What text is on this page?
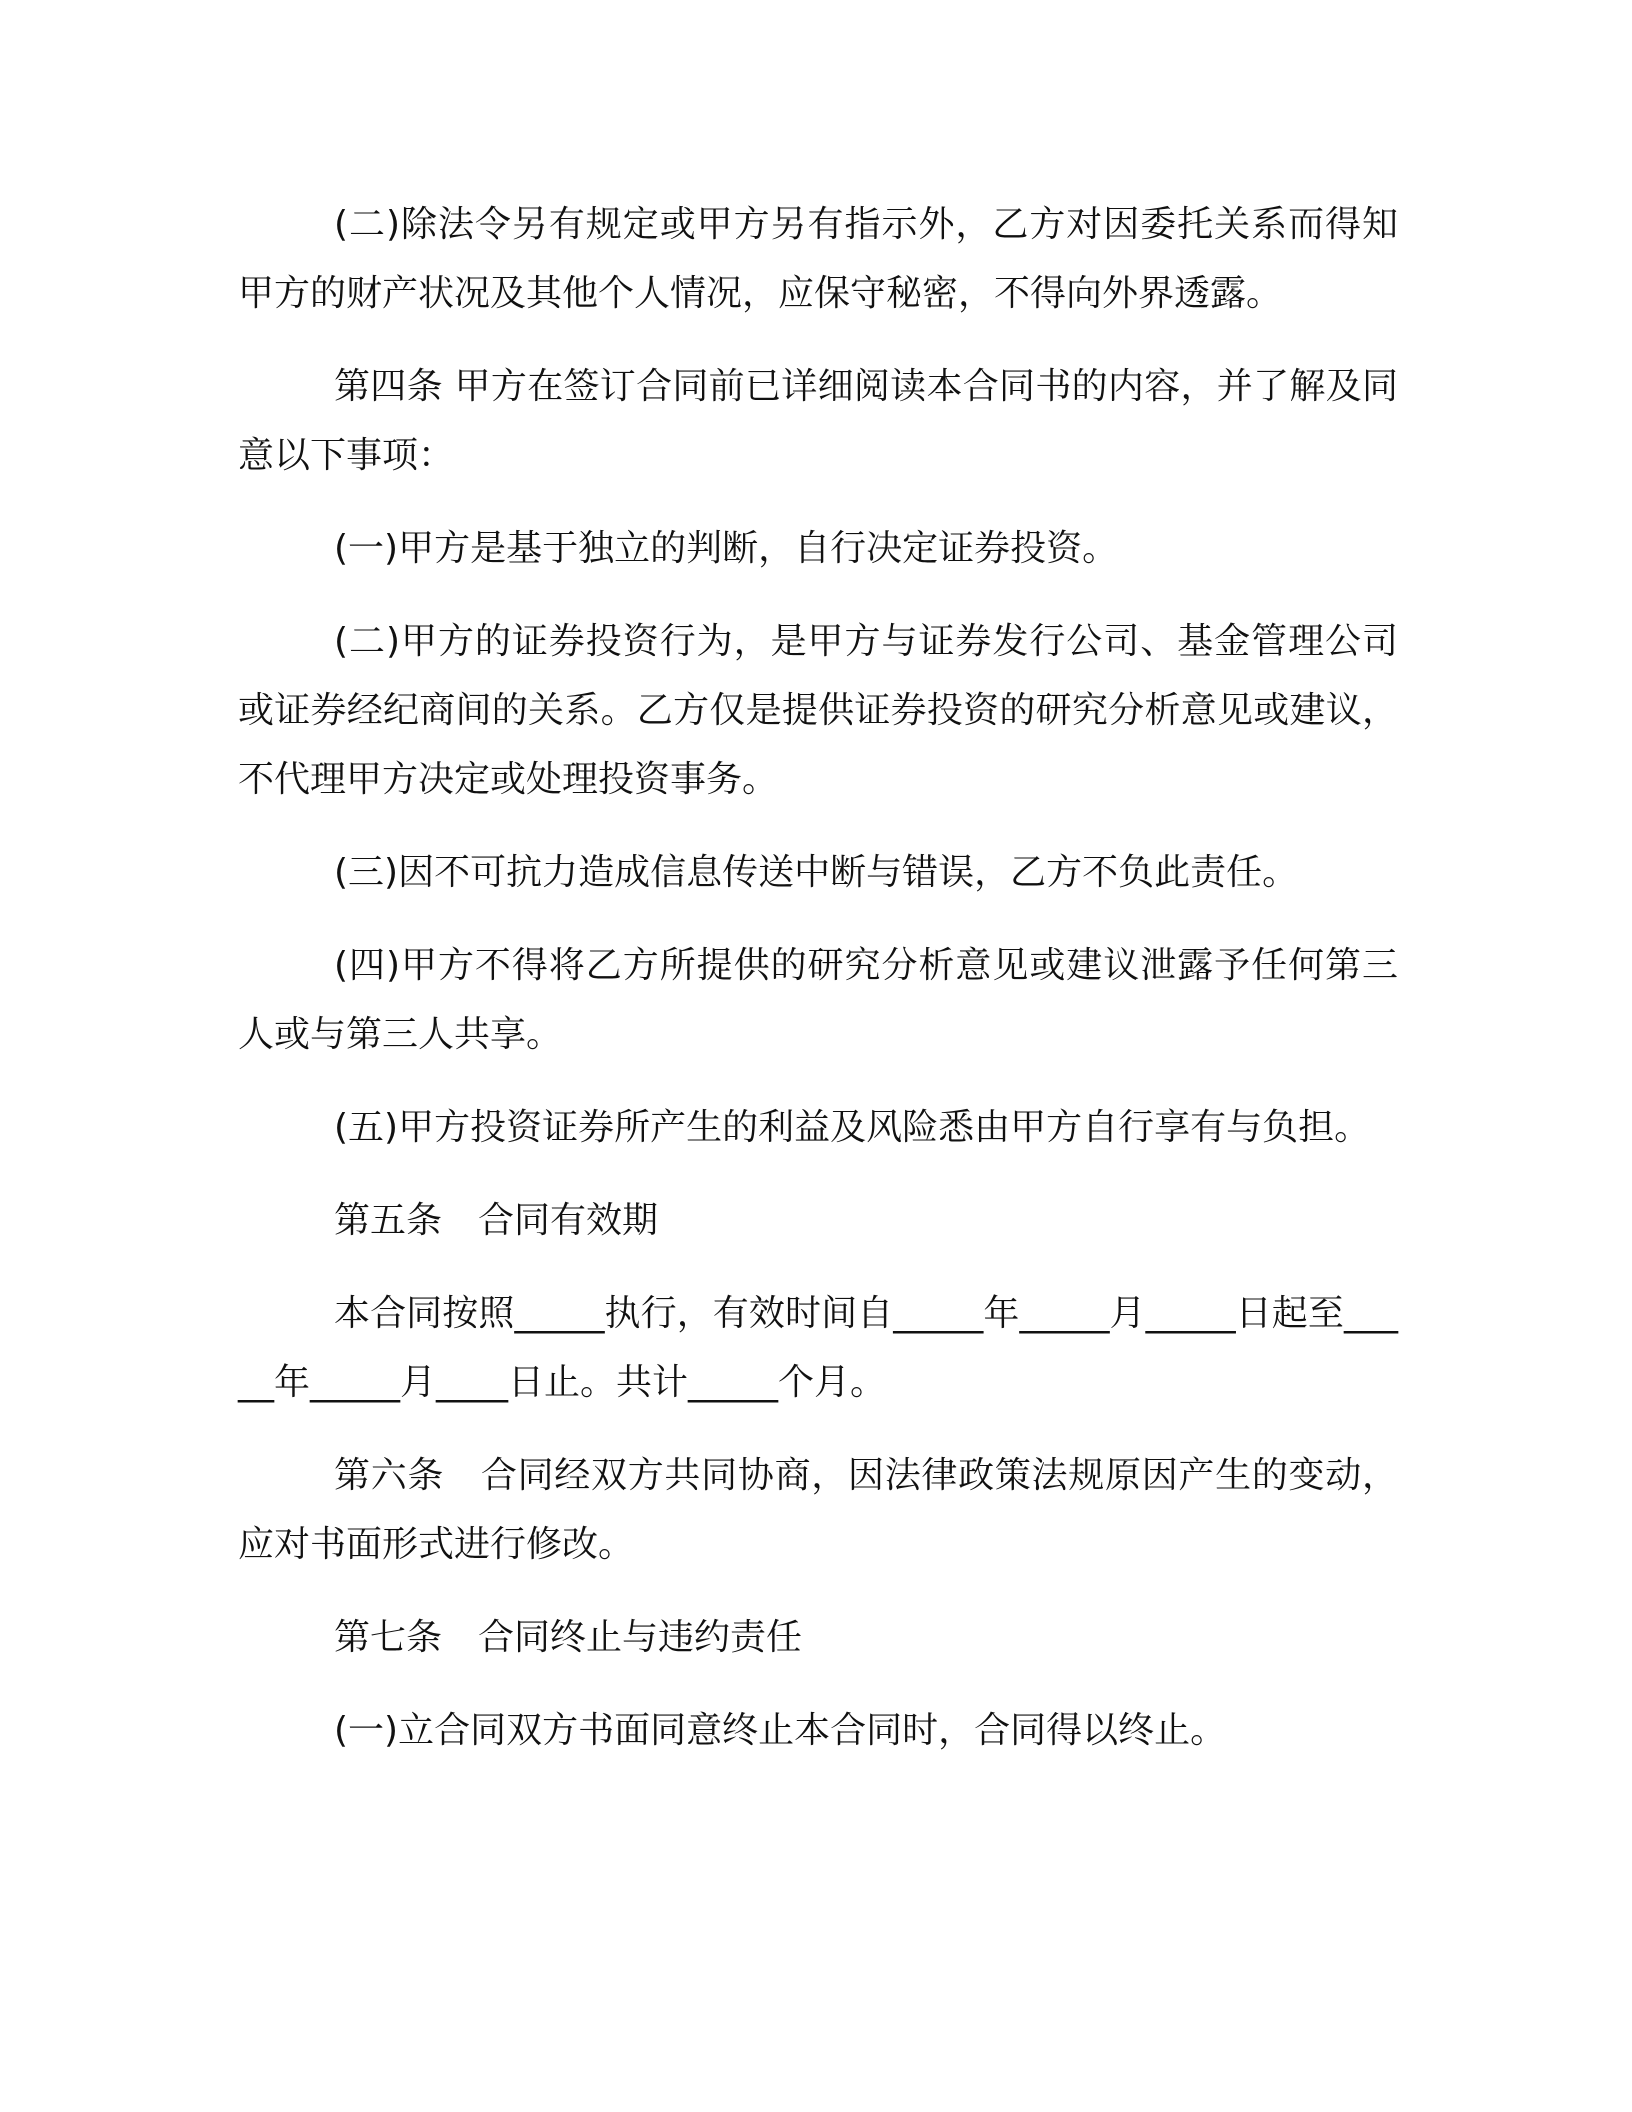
(二)除法令另有规定或甲方另有指示外，乙方对因委托关系而得知甲方的财产状况及其他个人情况，应保守秘密，不得向外界透露。

第四条 甲方在签订合同前已详细阅读本合同书的内容，并了解及同意以下事项：

(一)甲方是基于独立的判断，自行决定证券投资。

(二)甲方的证券投资行为，是甲方与证券发行公司、基金管理公司或证券经纪商间的关系。乙方仅是提供证券投资的研究分析意见或建议，不代理甲方决定或处理投资事务。

(三)因不可抗力造成信息传送中断与错误，乙方不负此责任。

(四)甲方不得将乙方所提供的研究分析意见或建议泄露予任何第三人或与第三人共享。

(五)甲方投资证券所产生的利益及风险悉由甲方自行享有与负担。

第五条　合同有效期

本合同按照_____执行，有效时间自_____年_____月_____日起至_____年_____月____日止。共计_____个月。

第六条　合同经双方共同协商，因法律政策法规原因产生的变动，应对书面形式进行修改。

第七条　合同终止与违约责任

(一)立合同双方书面同意终止本合同时，合同得以终止。
